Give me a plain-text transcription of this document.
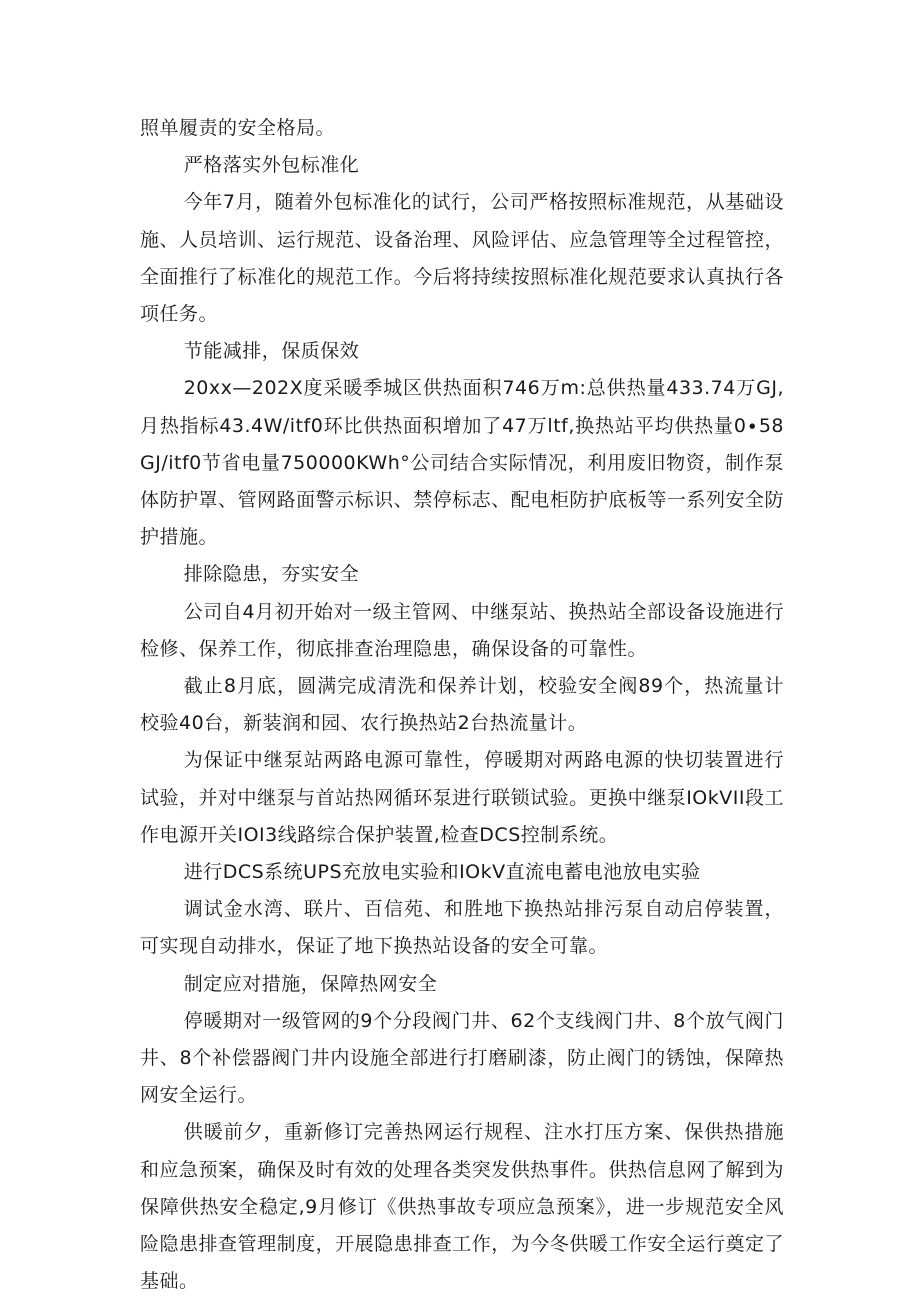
照单履责的安全格局。

严格落实外包标准化

今年7月，随着外包标准化的试行，公司严格按照标准规范，从基础设施、人员培训、运行规范、设备治理、风险评估、应急管理等全过程管控，全面推行了标准化的规范工作。今后将持续按照标准化规范要求认真执行各项任务。

节能减排，保质保效

20xx—202X度采暖季城区供热面积746万m:总供热量433.74万GJ,月热指标43.4W∕itf0环比供热面积增加了47万ltf,换热站平均供热量0∙58GJ∕itf0节省电量750000KWh°公司结合实际情况，利用废旧物资，制作泵体防护罩、管网路面警示标识、禁停标志、配电柜防护底板等一系列安全防护措施。

排除隐患，夯实安全

公司自4月初开始对一级主管网、中继泵站、换热站全部设备设施进行检修、保养工作，彻底排查治理隐患，确保设备的可靠性。

截止8月底，圆满完成清洗和保养计划，校验安全阀89个，热流量计校验40台，新装润和园、农行换热站2台热流量计。

为保证中继泵站两路电源可靠性，停暖期对两路电源的快切装置进行试验，并对中继泵与首站热网循环泵进行联锁试验。更换中继泵IOkVII段工作电源开关IOI3线路综合保护装置,检查DCS控制系统。

进行DCS系统UPS充放电实验和IOkV直流电蓄电池放电实验

调试金水湾、联片、百信苑、和胜地下换热站排污泵自动启停装置，可实现自动排水，保证了地下换热站设备的安全可靠。

制定应对措施，保障热网安全

停暖期对一级管网的9个分段阀门井、62个支线阀门井、8个放气阀门井、8个补偿器阀门井内设施全部进行打磨刷漆，防止阀门的锈蚀，保障热网安全运行。

供暖前夕，重新修订完善热网运行规程、注水打压方案、保供热措施和应急预案，确保及时有效的处理各类突发供热事件。供热信息网了解到为保障供热安全稳定,9月修订《供热事故专项应急预案》，进一步规范安全风险隐患排查管理制度，开展隐患排查工作，为今冬供暖工作安全运行奠定了基础。
